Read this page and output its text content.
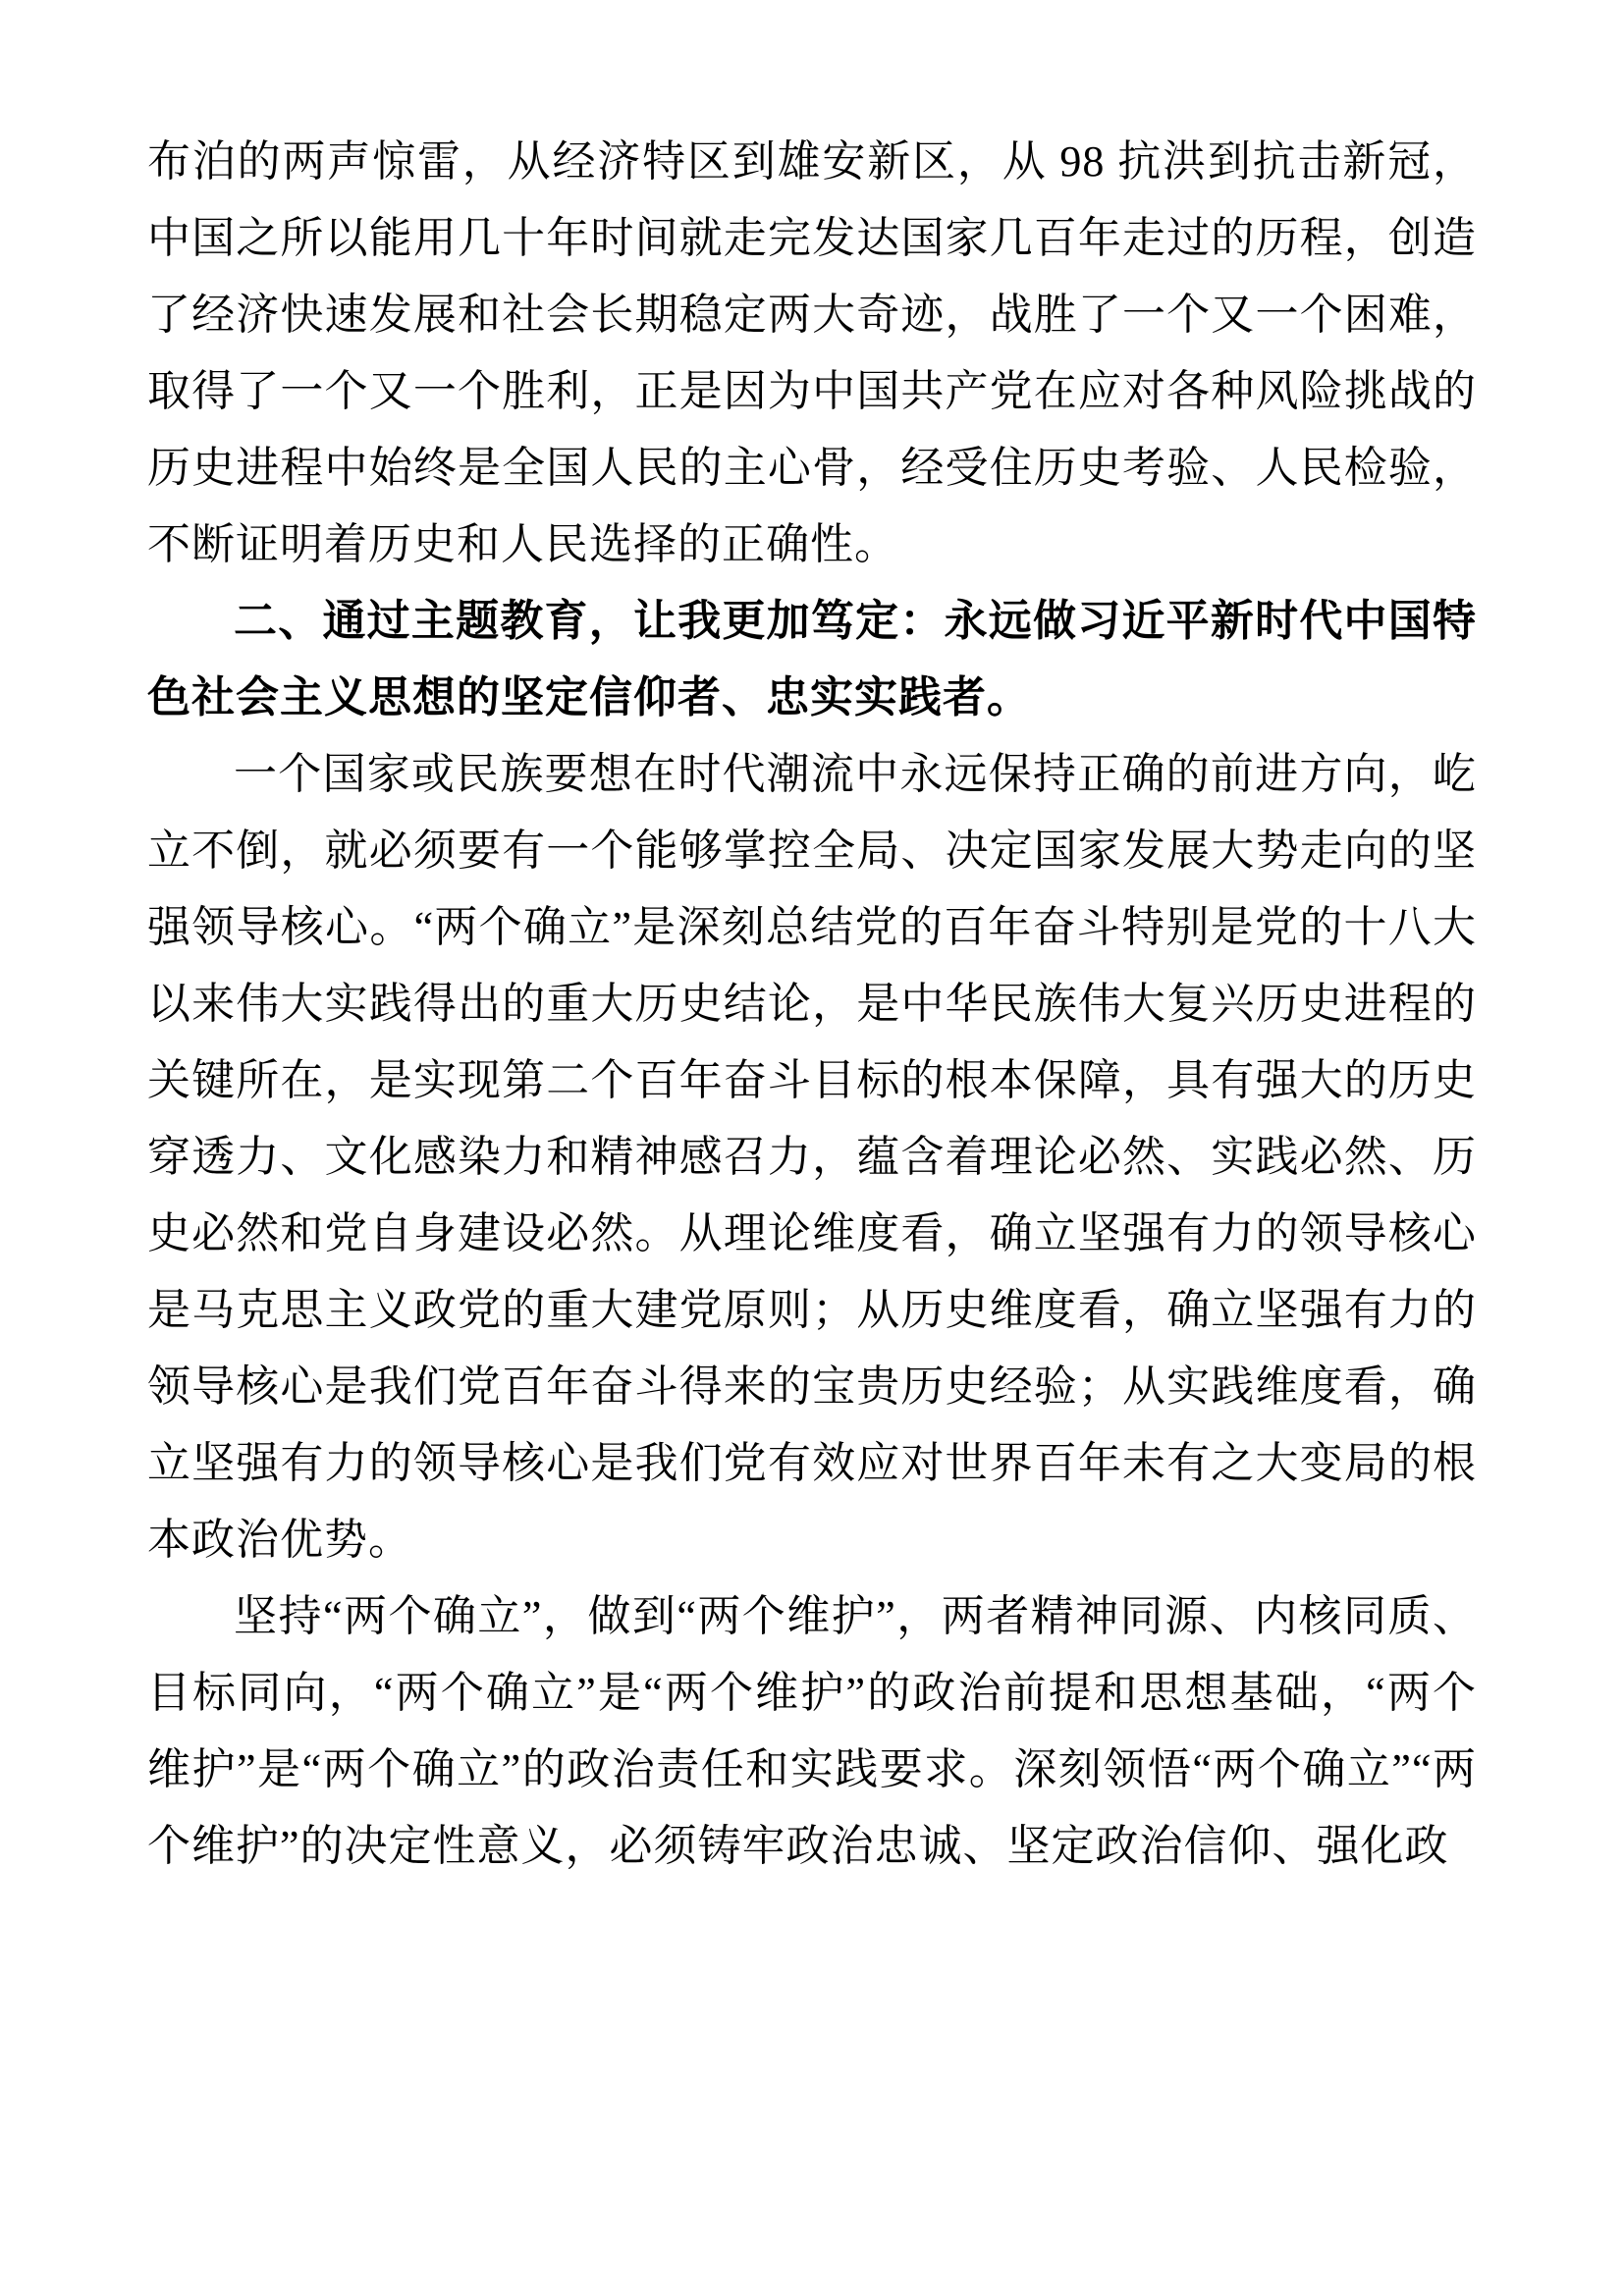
布泊的两声惊雷，从经济特区到雄安新区，从 98 抗洪到抗击新冠，中国之所以能用几十年时间就走完发达国家几百年走过的历程，创造了经济快速发展和社会长期稳定两大奇迹，战胜了一个又一个困难，取得了一个又一个胜利，正是因为中国共产党在应对各种风险挑战的历史进程中始终是全国人民的主心骨，经受住历史考验、人民检验，不断证明着历史和人民选择的正确性。

二、通过主题教育，让我更加笃定：永远做习近平新时代中国特色社会主义思想的坚定信仰者、忠实实践者。

一个国家或民族要想在时代潮流中永远保持正确的前进方向，屹立不倒，就必须要有一个能够掌控全局、决定国家发展大势走向的坚强领导核心。“两个确立”是深刻总结党的百年奋斗特别是党的十八大以来伟大实践得出的重大历史结论，是中华民族伟大复兴历史进程的关键所在，是实现第二个百年奋斗目标的根本保障，具有强大的历史穿透力、文化感染力和精神感召力，蕴含着理论必然、实践必然、历史必然和党自身建设必然。从理论维度看，确立坚强有力的领导核心是马克思主义政党的重大建党原则；从历史维度看，确立坚强有力的领导核心是我们党百年奋斗得来的宝贵历史经验；从实践维度看，确立坚强有力的领导核心是我们党有效应对世界百年未有之大变局的根本政治优势。

坚持“两个确立”，做到“两个维护”，两者精神同源、内核同质、目标同向，“两个确立”是“两个维护”的政治前提和思想基础，“两个维护”是“两个确立”的政治责任和实践要求。深刻领悟“两个确立”“两个维护”的决定性意义，必须铸牢政治忠诚、坚定政治信仰、强化政
